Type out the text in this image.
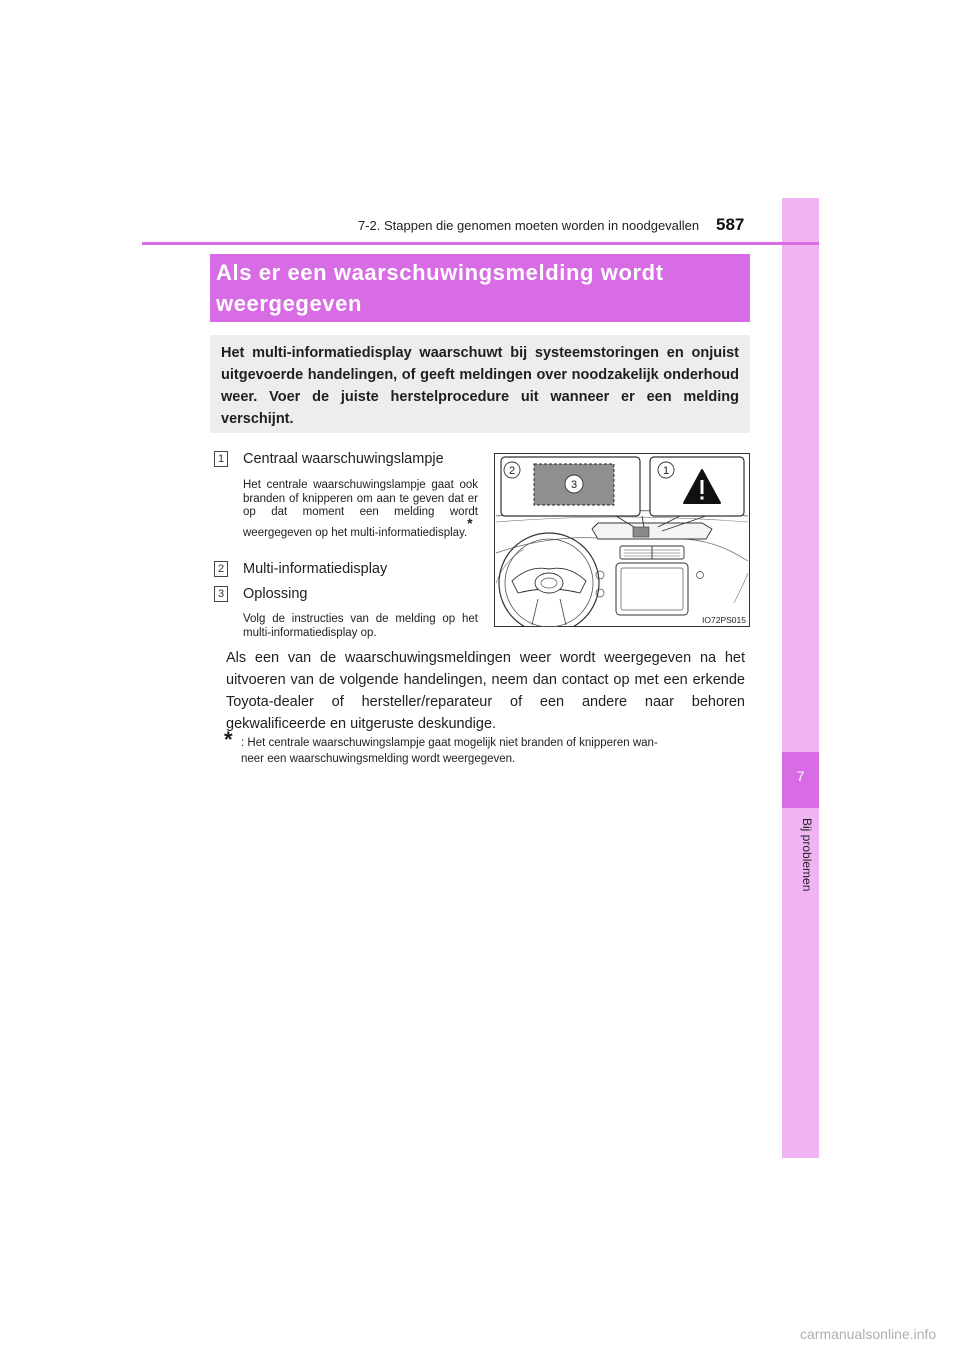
7
Bij problemen
7-2. Stappen die genomen moeten worden in noodgevallen 587
Als er een waarschuwingsmelding wordt weergegeven
Het multi-informatiedisplay waarschuwt bij systeemstoringen en onjuist uitgevoerde handelingen, of geeft meldingen over noodzakelijk onderhoud weer. Voer de juiste herstelprocedure uit wanneer er een melding verschijnt.
1 Centraal waarschuwingslampje
Het centrale waarschuwingslampje gaat ook branden of knipperen om aan te geven dat er op dat moment een melding wordt weergegeven op het multi-informatiedisplay.*
2 Multi-informatiedisplay
3 Oplossing
Volg de instructies van de melding op het multi-informatiedisplay op.
2
3
1
IO72PS015
Als een van de waarschuwingsmeldingen weer wordt weergegeven na het uitvoeren van de volgende handelingen, neem dan contact op met een erkende Toyota-dealer of hersteller/reparateur of een andere naar behoren gekwalificeerde en uitgeruste deskundige.
* : Het centrale waarschuwingslampje gaat mogelijk niet branden of knipperen wan-
neer een waarschuwingsmelding wordt weergegeven.
carmanualsonline.info
